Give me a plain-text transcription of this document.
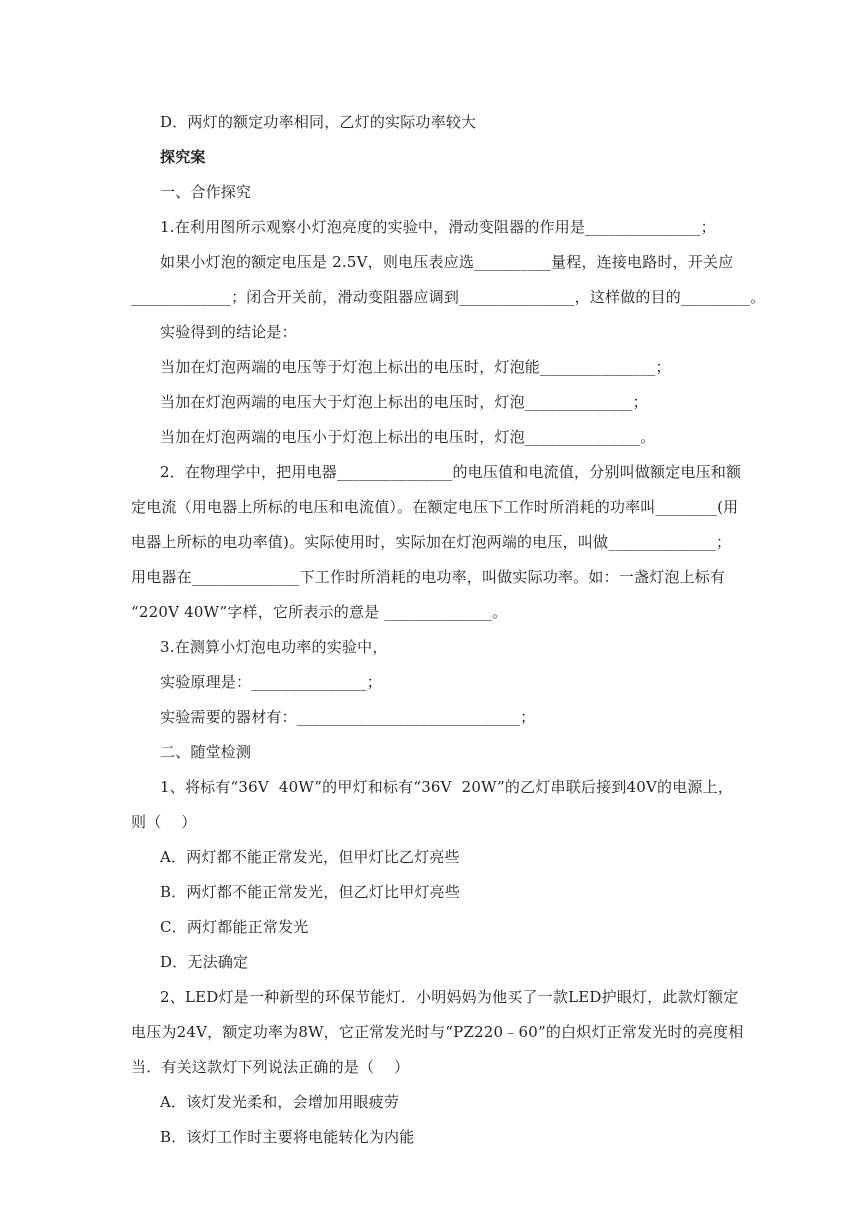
D．两灯的额定功率相同，乙灯的实际功率较大
探究案
一、合作探究
1.在利用图所示观察小灯泡亮度的实验中，滑动变阻器的作用是_______________；
如果小灯泡的额定电压是 2.5V，则电压表应选__________量程，连接电路时，开关应
_____________；闭合开关前，滑动变阻器应调到_______________，这样做的目的_________。
实验得到的结论是：
当加在灯泡两端的电压等于灯泡上标出的电压时，灯泡能_______________；
当加在灯泡两端的电压大于灯泡上标出的电压时，灯泡______________；
当加在灯泡两端的电压小于灯泡上标出的电压时，灯泡_______________。
2．在物理学中，把用电器_______________的电压值和电流值，分别叫做额定电压和额
定电流（用电器上所标的电压和电流值）。在额定电压下工作时所消耗的功率叫________(用
电器上所标的电功率值)。实际使用时，实际加在灯泡两端的电压，叫做______________；
用电器在______________下工作时所消耗的电功率，叫做实际功率。如：一盏灯泡上标有
“220V 40W”字样，它所表示的意是 ______________。
3.在测算小灯泡电功率的实验中，
实验原理是：_______________；
实验需要的器材有：_____________________________；
二、随堂检测
1、将标有“36V  40W”的甲灯和标有“36V  20W”的乙灯串联后接到40V的电源上，
则（    ）
A．两灯都不能正常发光，但甲灯比乙灯亮些
B．两灯都不能正常发光，但乙灯比甲灯亮些
C．两灯都能正常发光
D．无法确定
2、LED灯是一种新型的环保节能灯．小明妈妈为他买了一款LED护眼灯，此款灯额定
电压为24V，额定功率为8W，它正常发光时与“PZ220﹣60”的白炽灯正常发光时的亮度相
当．有关这款灯下列说法正确的是（    ）
A．该灯发光柔和，会增加用眼疲劳
B．该灯工作时主要将电能转化为内能
